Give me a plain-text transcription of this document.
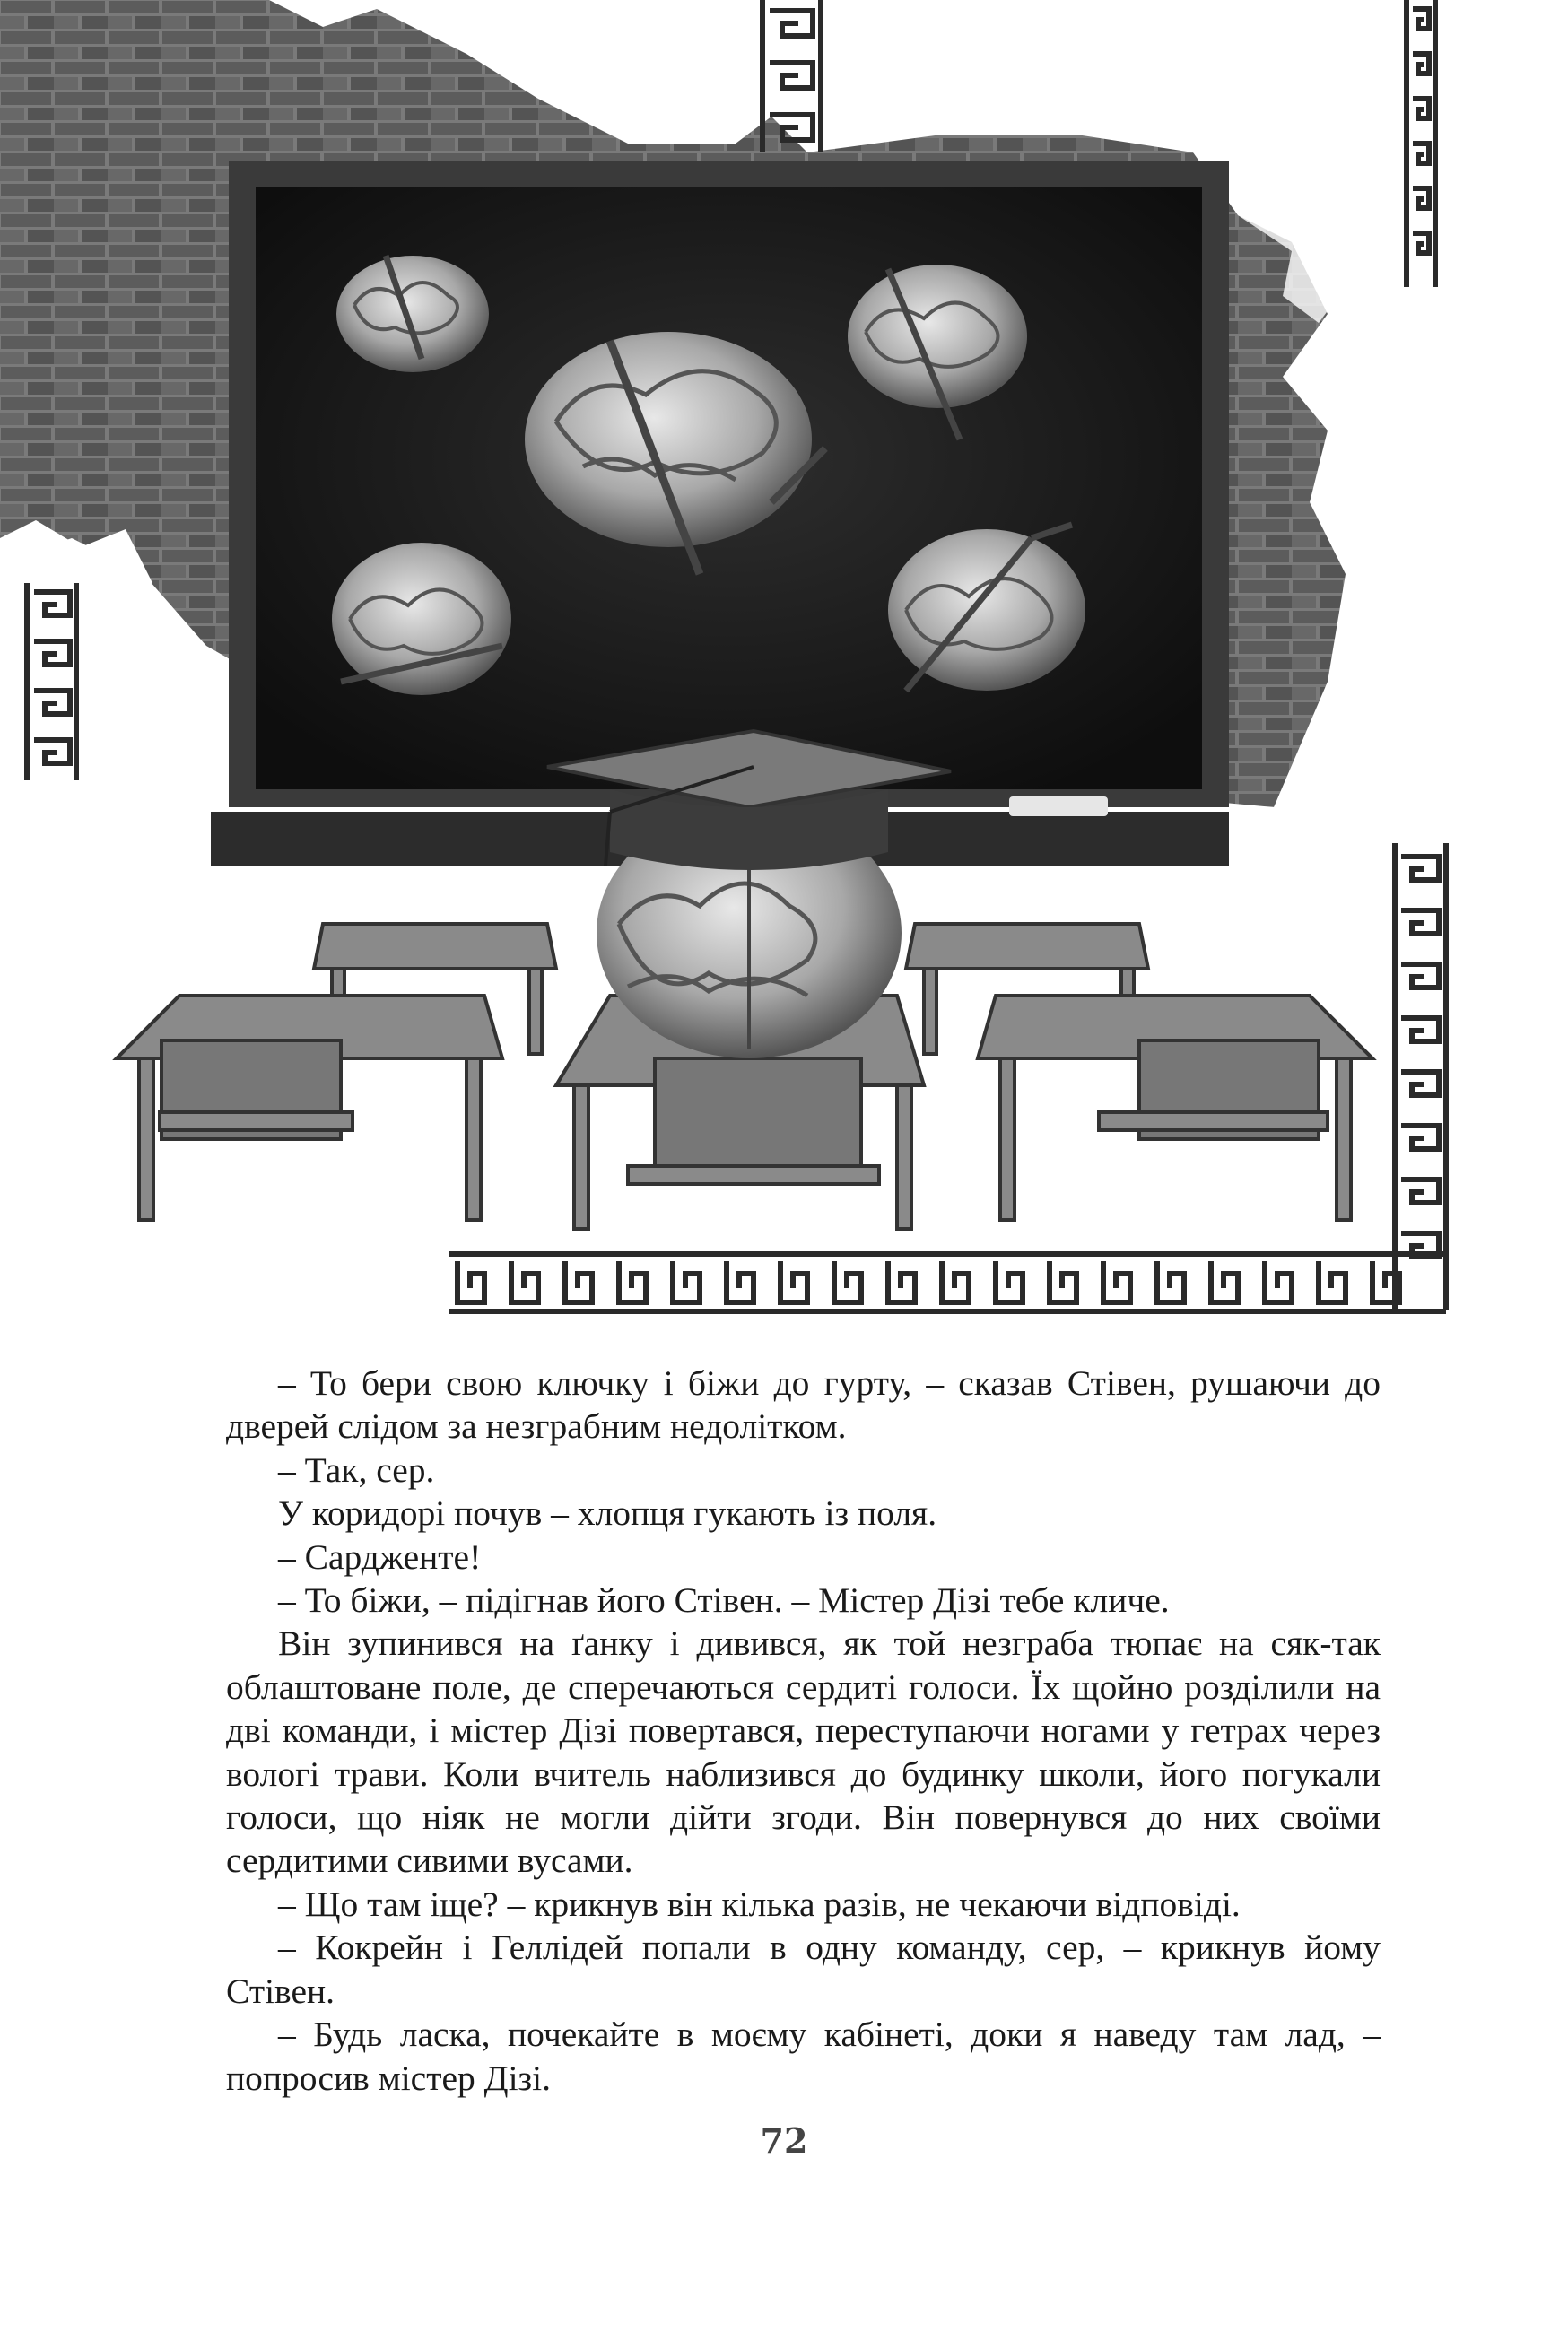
– То бери свою ключку і біжи до гурту, – сказав Стівен, рушаючи до дверей слідом за незграбним недолітком.

– Так, сер.

У коридорі почув – хлопця гукають із поля.

– Сардженте!

– То біжи, – підігнав його Стівен. – Містер Дізі тебе кличе.

Він зупинився на ґанку і дивився, як той незграба тюпає на сяк-так облаштоване поле, де сперечаються сердиті голоси. Їх щойно розділили на дві команди, і містер Дізі повертався, переступаючи ногами у гетрах через вологі трави. Коли вчитель наблизився до будинку школи, його погукали голоси, що ніяк не могли дійти згоди. Він повернувся до них своїми сердитими сивими вусами.

– Що там іще? – крикнув він кілька разів, не чекаючи відповіді.

– Кокрейн і Геллідей попали в одну команду, сер, – крикнув йому Стівен.

– Будь ласка, почекайте в моєму кабінеті, доки я наведу там лад, – попросив містер Дізі.

72
